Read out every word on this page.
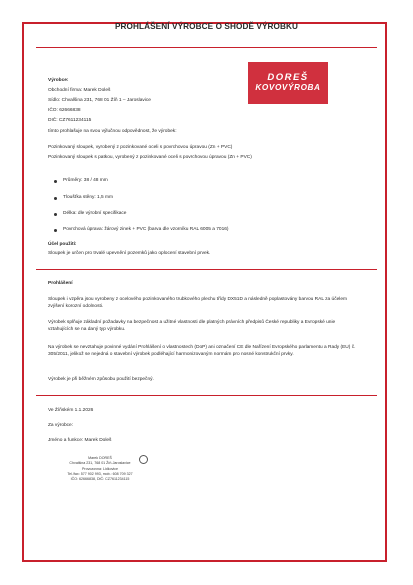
PROHLÁŠENÍ VÝROBCE O SHODĚ VÝROBKU
DOREŠ
KOVOVÝROBA
Výrobce:
Obchodní firma: Marek Doleš
Sídlo: Chvalšina 231, 768 01 Žíň 1 – Jaroslavice
IČO: 62666838
DIČ: CZ7611234115
tímto prohlašuje na svou výlučnou odpovědnost, že výrobek:
Pozinkovaný sloupek, vyrobený z pozinkované oceli s povrchovou úpravou (Zn + PVC)
Pozinkovaný sloupek s patkou, vyrobený z pozinkované oceli s povrchovou úpravou (Zn + PVC)
Průměry: 38 / 48 mm
Tloušťka stěny: 1,5 mm
Délka: dle výrobní specifikace
Povrchová úprava: žárový zinek + PVC (barva dle vzorníku RAL 6005 a 7016)
Účel použití:
Sloupek je určen pro trvalé upevnění pozemků jako oplocení stavební prvek.
Prohlášení
Sloupek i vzpěra jsou vyrobeny z ocelového pozinkovaného trubkového plechu třídy DX51D a následně poplastovány barvou RAL za účelem zvýšení korozní odolnosti.
Výrobek splňuje základní požadavky na bezpečnost a užitné vlastnosti dle platných právních předpisů České republiky a Evropské unie vztahujících se na daný typ výrobku.
Na výrobek se nevztahuje povinné vydání Prohlášení o vlastnostech (DoP) ani označení CE dle Nařízení Evropského parlamentu a Rady (EU) č. 305/2011, jelikož se nejedná o stavební výrobek podléhající harmonizovaným normám pro nosné konstrukční prvky.
Výrobek je při běžném způsobu použití bezpečný.
Ve Žíňském 1.1.2026
Za výrobce:
Jméno a funkce: Marek Doleš
Marek DOREŠ
Chvalšina 231, 768 01 Žíň-Jaroslavice
Provozovna: Lidkovice
Tel./fax: 577 902 993, mob.: 608 709 327
IČO: 62666838, DIČ: CZ7611234115
